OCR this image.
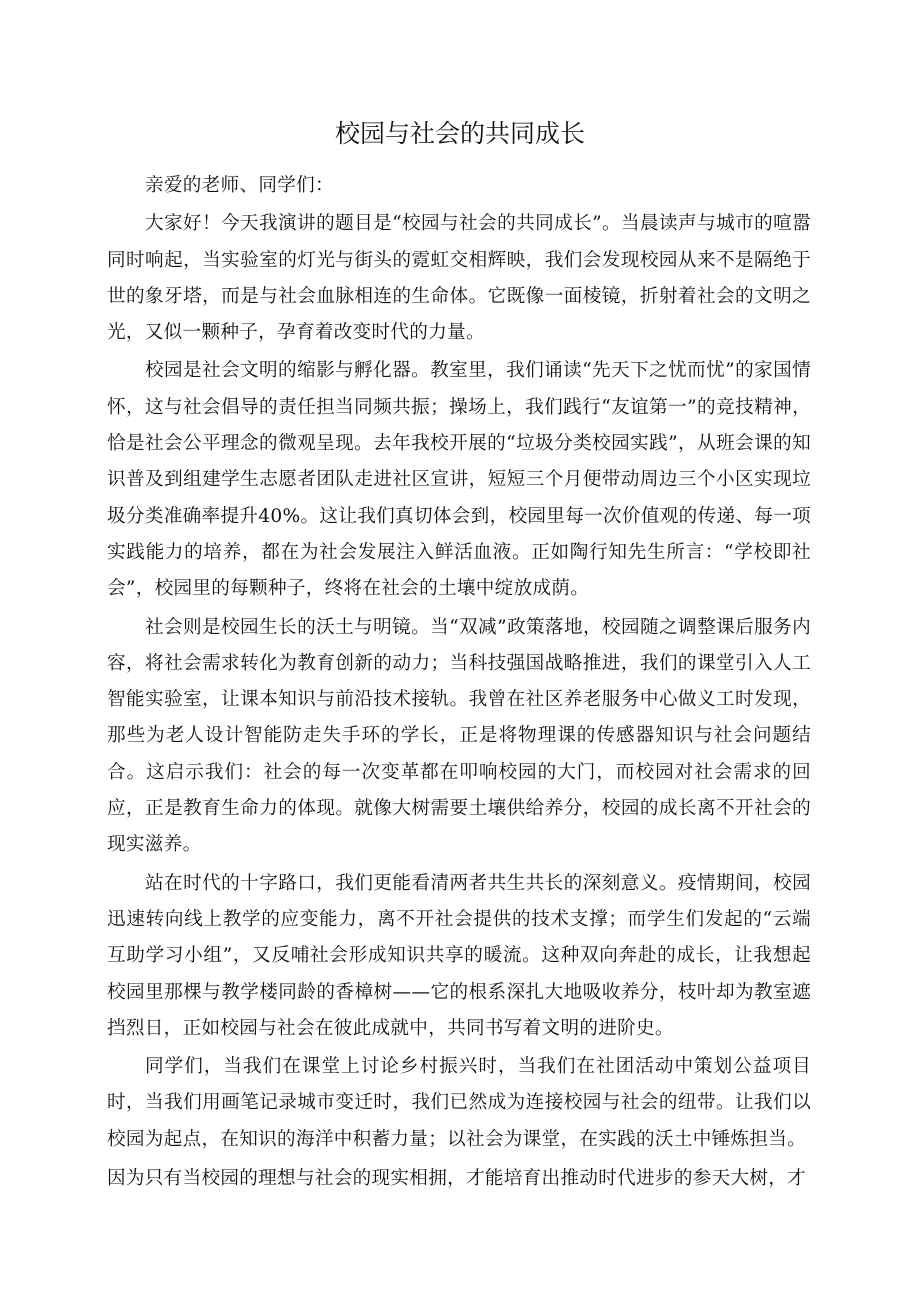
校园与社会的共同成长

亲爱的老师、同学们：

大家好！今天我演讲的题目是“校园与社会的共同成长”。当晨读声与城市的喧嚣同时响起，当实验室的灯光与街头的霓虹交相辉映，我们会发现校园从来不是隔绝于世的象牙塔，而是与社会血脉相连的生命体。它既像一面棱镜，折射着社会的文明之光，又似一颗种子，孕育着改变时代的力量。

校园是社会文明的缩影与孵化器。教室里，我们诵读“先天下之忧而忧”的家国情怀，这与社会倡导的责任担当同频共振；操场上，我们践行“友谊第一”的竞技精神，恰是社会公平理念的微观呈现。去年我校开展的“垃圾分类校园实践”，从班会课的知识普及到组建学生志愿者团队走进社区宣讲，短短三个月便带动周边三个小区实现垃圾分类准确率提升40%。这让我们真切体会到，校园里每一次价值观的传递、每一项实践能力的培养，都在为社会发展注入鲜活血液。正如陶行知先生所言：“学校即社会”，校园里的每颗种子，终将在社会的土壤中绽放成荫。

社会则是校园生长的沃土与明镜。当“双减”政策落地，校园随之调整课后服务内容，将社会需求转化为教育创新的动力；当科技强国战略推进，我们的课堂引入人工智能实验室，让课本知识与前沿技术接轨。我曾在社区养老服务中心做义工时发现，那些为老人设计智能防走失手环的学长，正是将物理课的传感器知识与社会问题结合。这启示我们：社会的每一次变革都在叩响校园的大门，而校园对社会需求的回应，正是教育生命力的体现。就像大树需要土壤供给养分，校园的成长离不开社会的现实滋养。

站在时代的十字路口，我们更能看清两者共生共长的深刻意义。疫情期间，校园迅速转向线上教学的应变能力，离不开社会提供的技术支撑；而学生们发起的“云端互助学习小组”，又反哺社会形成知识共享的暖流。这种双向奔赴的成长，让我想起校园里那棵与教学楼同龄的香樟树——它的根系深扎大地吸收养分，枝叶却为教室遮挡烈日，正如校园与社会在彼此成就中，共同书写着文明的进阶史。

同学们，当我们在课堂上讨论乡村振兴时，当我们在社团活动中策划公益项目时，当我们用画笔记录城市变迁时，我们已然成为连接校园与社会的纽带。让我们以校园为起点，在知识的海洋中积蓄力量；以社会为课堂，在实践的沃土中锤炼担当。

因为只有当校园的理想与社会的现实相拥，才能培育出推动时代进步的参天大树，才
